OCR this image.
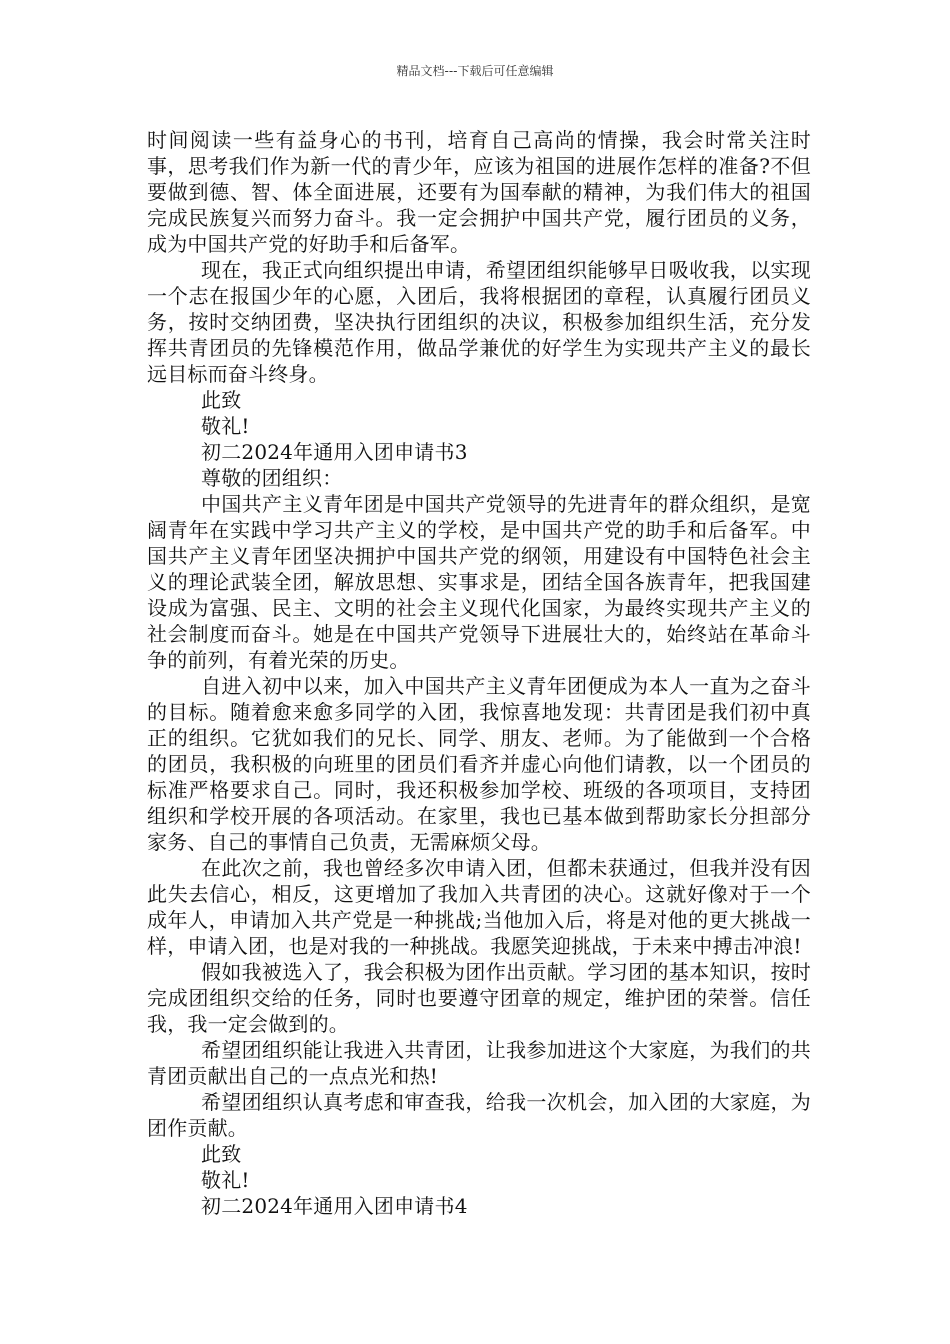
精品文档---下载后可任意编辑

时间阅读一些有益身心的书刊，培育自己高尚的情操，我会时常关注时事，思考我们作为新一代的青少年，应该为祖国的进展作怎样的准备?不但要做到德、智、体全面进展，还要有为国奉献的精神，为我们伟大的祖国完成民族复兴而努力奋斗。我一定会拥护中国共产党，履行团员的义务，成为中国共产党的好助手和后备军。

现在，我正式向组织提出申请，希望团组织能够早日吸收我，以实现一个志在报国少年的心愿，入团后，我将根据团的章程，认真履行团员义务，按时交纳团费，坚决执行团组织的决议，积极参加组织生活，充分发挥共青团员的先锋模范作用，做品学兼优的好学生为实现共产主义的最长远目标而奋斗终身。

此致

敬礼!

初二2024年通用入团申请书3

尊敬的团组织：

中国共产主义青年团是中国共产党领导的先进青年的群众组织，是宽阔青年在实践中学习共产主义的学校，是中国共产党的助手和后备军。中国共产主义青年团坚决拥护中国共产党的纲领，用建设有中国特色社会主义的理论武装全团，解放思想、实事求是，团结全国各族青年，把我国建设成为富强、民主、文明的社会主义现代化国家，为最终实现共产主义的社会制度而奋斗。她是在中国共产党领导下进展壮大的，始终站在革命斗争的前列，有着光荣的历史。

自进入初中以来，加入中国共产主义青年团便成为本人一直为之奋斗的目标。随着愈来愈多同学的入团，我惊喜地发现：共青团是我们初中真正的组织。它犹如我们的兄长、同学、朋友、老师。为了能做到一个合格的团员，我积极的向班里的团员们看齐并虚心向他们请教，以一个团员的标准严格要求自己。同时，我还积极参加学校、班级的各项项目，支持团组织和学校开展的各项活动。在家里，我也已基本做到帮助家长分担部分家务、自己的事情自己负责，无需麻烦父母。

在此次之前，我也曾经多次申请入团，但都未获通过，但我并没有因此失去信心，相反，这更增加了我加入共青团的决心。这就好像对于一个成年人，申请加入共产党是一种挑战;当他加入后，将是对他的更大挑战一样，申请入团，也是对我的一种挑战。我愿笑迎挑战，于未来中搏击冲浪!

假如我被选入了，我会积极为团作出贡献。学习团的基本知识，按时完成团组织交给的任务，同时也要遵守团章的规定，维护团的荣誉。信任我，我一定会做到的。

希望团组织能让我进入共青团，让我参加进这个大家庭，为我们的共青团贡献出自己的一点点光和热!

希望团组织认真考虑和审查我，给我一次机会，加入团的大家庭，为团作贡献。

此致

敬礼!

初二2024年通用入团申请书4
